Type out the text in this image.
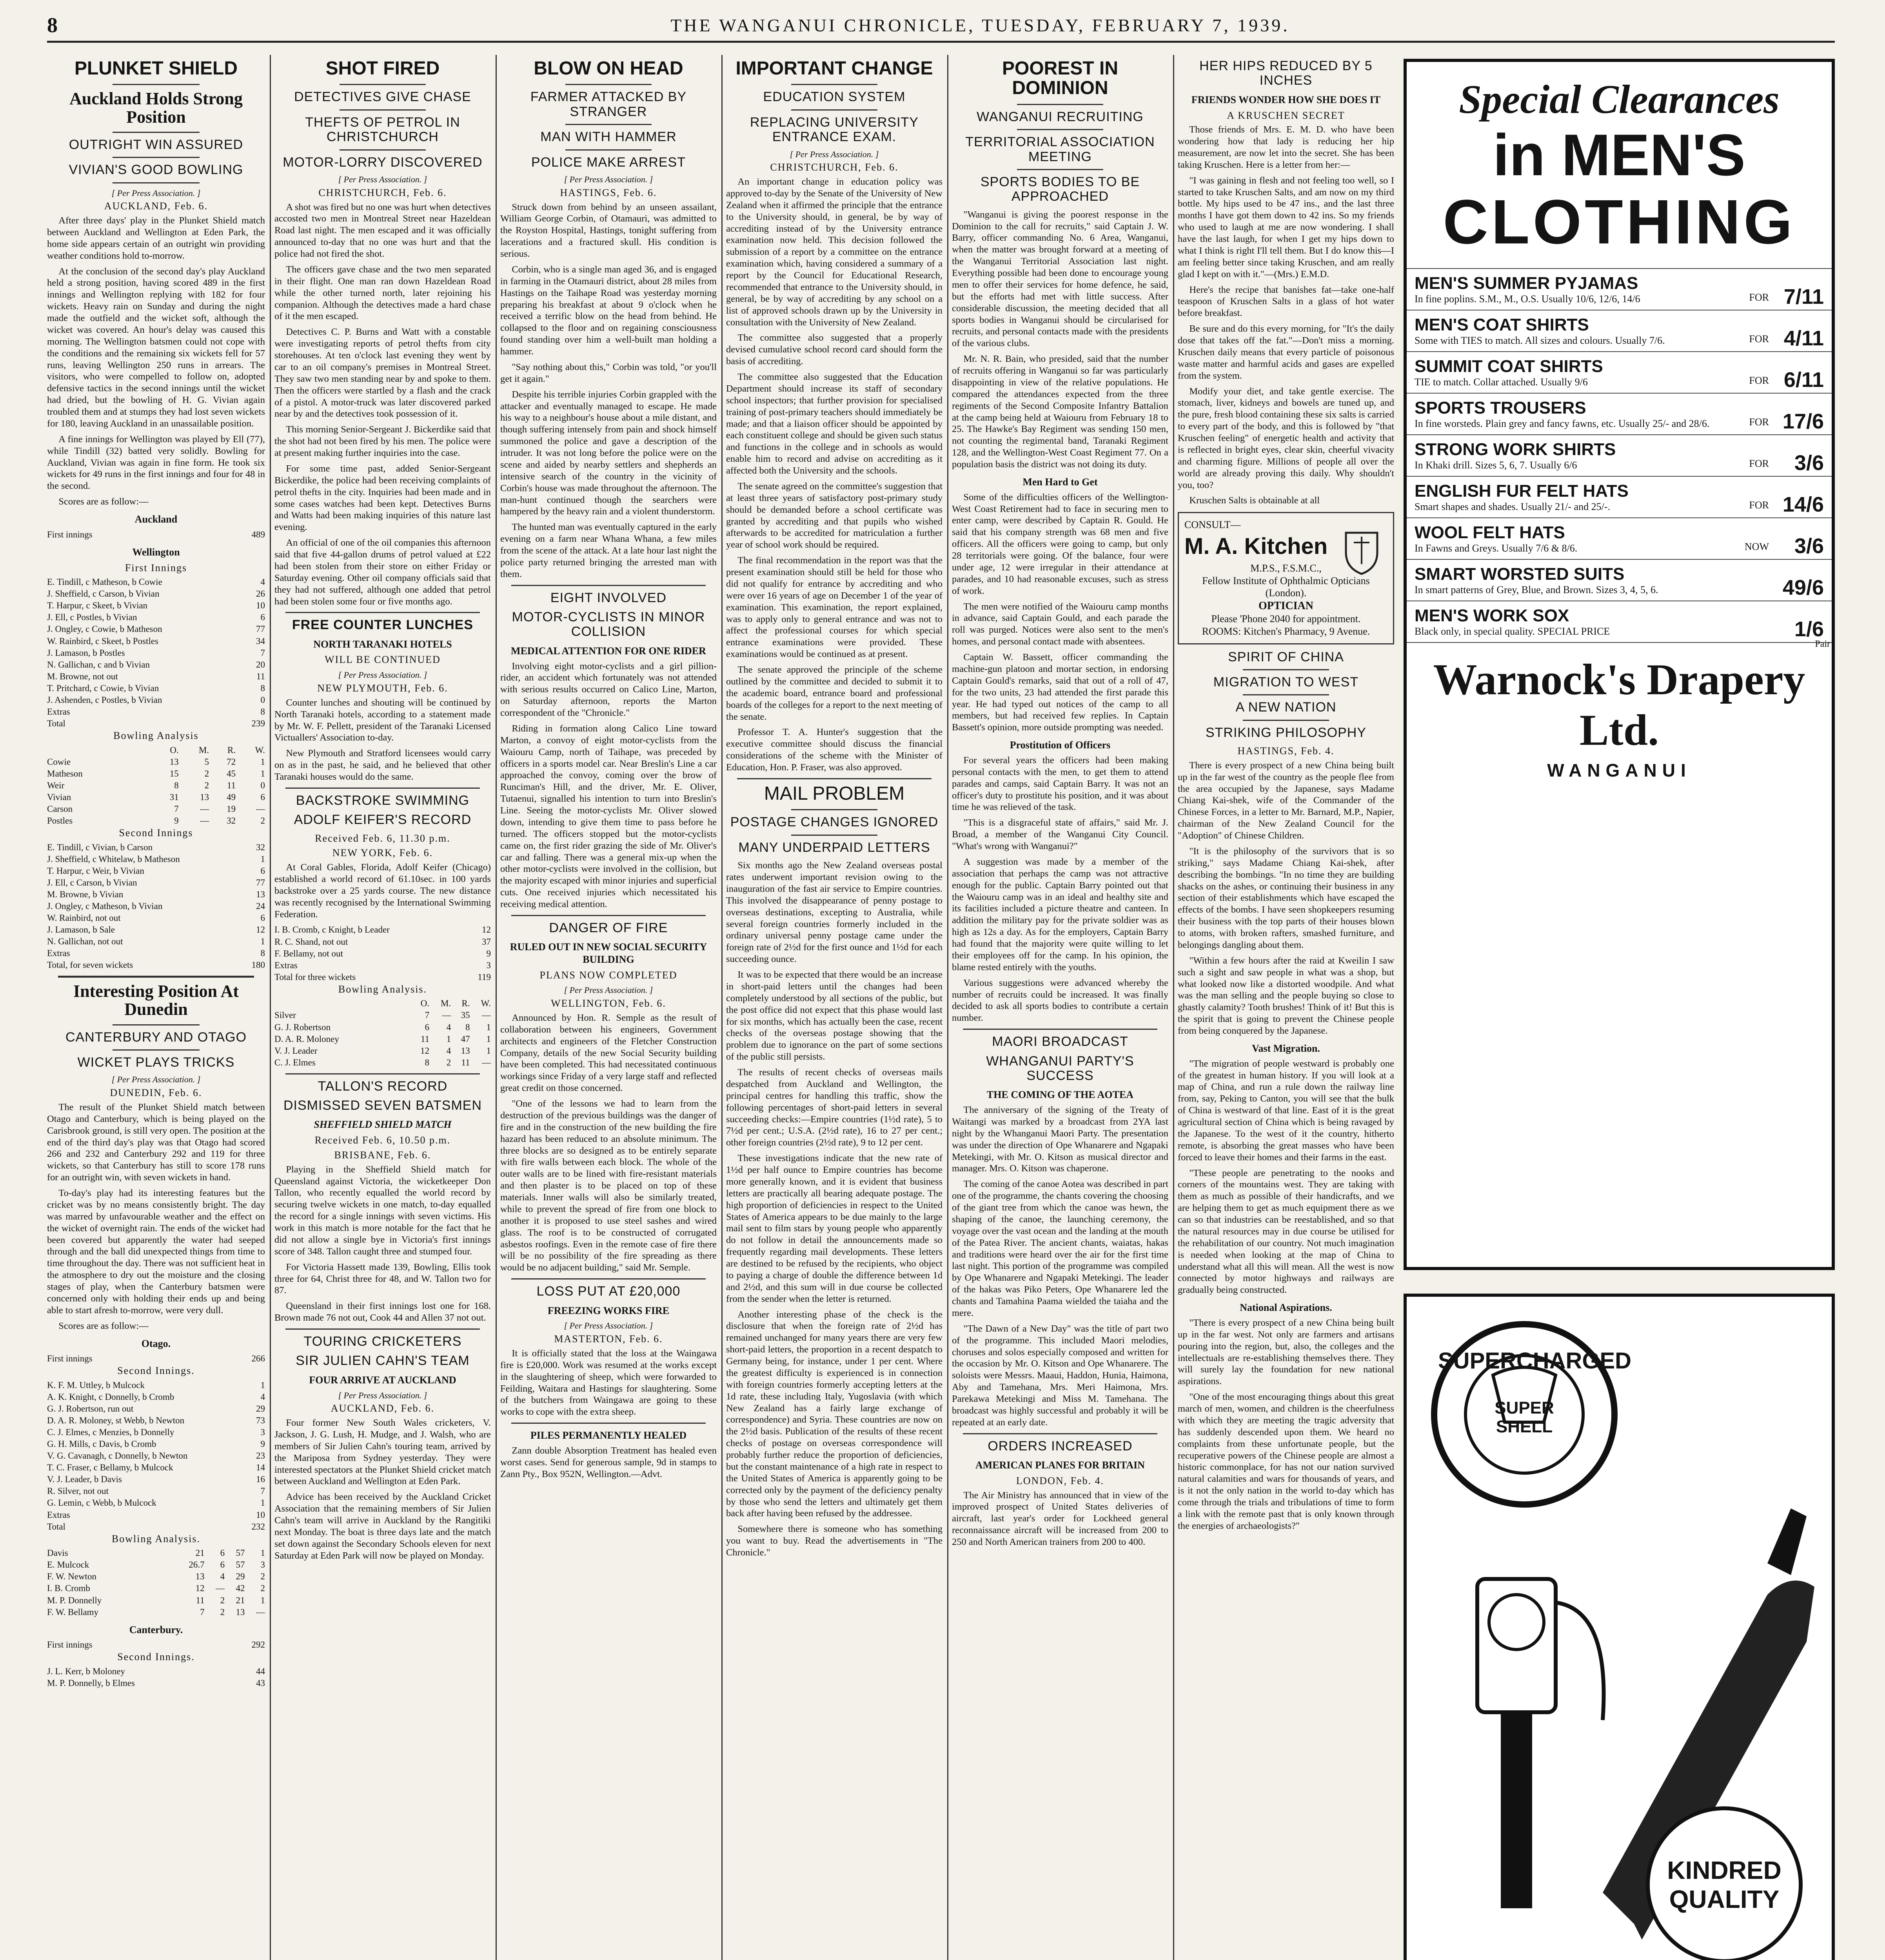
8	THE WANGANUI CHRONICLE, TUESDAY, FEBRUARY 7, 1939.
PLUNKET SHIELD
Auckland Holds Strong Position
OUTRIGHT WIN ASSURED
VIVIAN'S GOOD BOWLING
[ Per Press Association. ]
AUCKLAND, Feb. 6.

After three days' play in the Plunket Shield match between Auckland and Wellington at Eden Park, the home side appears certain of an outright win providing weather conditions hold to-morrow.

At the conclusion of the second day's play Auckland held a strong position, having scored 489 in the first innings and Wellington replying with 182 for four wickets. Heavy rain on Sunday and during the night made the outfield and the wicket soft, although the wicket was covered. An hour's delay was caused this morning. The Wellington batsmen could not cope with the conditions and the remaining six wickets fell for 57 runs, leaving Wellington 250 runs in arrears. The visitors, who were compelled to follow on, adopted defensive tactics in the second innings until the wicket had dried, but the bowling of H. G. Vivian again troubled them and at stumps they had lost seven wickets for 180, leaving Auckland in an unassailable position.

A fine innings for Wellington was played by Ell (77), while Tindill (32) batted very solidly. Bowling for Auckland, Vivian was again in fine form. He took six wickets for 49 runs in the first innings and four for 48 in the second.

Scores are as follow:—

Auckland
First innings	489
Wellington
First Innings
E. Tindill, c Matheson, b Cowie	4
J. Sheffield, c Carson, b Vivian	26
T. Harpur, c Skeet, b Vivian	10
J. Ell, c Postles, b Vivian	6
J. Ongley, c Cowie, b Matheson	77
W. Rainbird, c Skeet, b Postles	34
J. Lamason, b Postles	7
N. Gallichan, c and b Vivian	20
M. Browne, not out	11
T. Pritchard, c Cowie, b Vivian	8
J. Ashenden, c Postles, b Vivian	0
Extras	8
Total	239
Bowling Analysis
	O.	M.	R.	W.
Cowie	13	5	72	1
Matheson	15	2	45	1
Weir	8	2	11	0
Vivian	31	13	49	6
Carson	7	—	19	—
Postles	9	—	32	2
Second Innings
E. Tindill, c Vivian, b Carson	32
J. Sheffield, c Whitelaw, b Matheson	1
T. Harpur, c Weir, b Vivian	6
J. Ell, c Carson, b Vivian	77
M. Browne, b Vivian	13
J. Ongley, c Matheson, b Vivian	24
W. Rainbird, not out	6
J. Lamason, b Sale	12
N. Gallichan, not out	1
Extras	8
Total, for seven wickets	180
Interesting Position At Dunedin
CANTERBURY AND OTAGO
WICKET PLAYS TRICKS
[ Per Press Association. ]
DUNEDIN, Feb. 6.

The result of the Plunket Shield match between Otago and Canterbury, which is being played on the Carisbrook ground, is still very open. The position at the end of the third day's play was that Otago had scored 266 and 232 and Canterbury 292 and 119 for three wickets, so that Canterbury has still to score 178 runs for an outright win, with seven wickets in hand.

To-day's play had its interesting features but the cricket was by no means consistently bright. The day was marred by unfavourable weather and the effect on the wicket of overnight rain. The ends of the wicket had been covered but apparently the water had seeped through and the ball did unexpected things from time to time throughout the day. There was not sufficient heat in the atmosphere to dry out the moisture and the closing stages of play, when the Canterbury batsmen were concerned only with holding their ends up and being able to start afresh to-morrow, were very dull.

Scores are as follow:—

Otago.
First innings	266
Second Innings.
K. F. M. Uttley, b Mulcock	1
A. K. Knight, c Donnelly, b Cromb	4
G. J. Robertson, run out	29
D. A. R. Moloney, st Webb, b Newton	73
C. J. Elmes, c Menzies, b Donnelly	3
G. H. Mills, c Davis, b Cromb	9
V. G. Cavanagh, c Donnelly, b Newton	23
T. C. Fraser, c Bellamy, b Mulcock	14
V. J. Leader, b Davis	16
R. Silver, not out	7
G. Lemin, c Webb, b Mulcock	1
Extras	10
Total	232
Bowling Analysis.
Davis	21	6	57	1
E. Mulcock	26.7	6	57	3
F. W. Newton	13	4	29	2
I. B. Cromb	12	—	42	2
M. P. Donnelly	11	2	21	1
F. W. Bellamy	7	2	13	—
Canterbury.
First innings	292
Second Innings.
J. L. Kerr, b Moloney	44
M. P. Donnelly, b Elmes	43
SHOT FIRED
DETECTIVES GIVE CHASE
THEFTS OF PETROL IN CHRISTCHURCH
MOTOR-LORRY DISCOVERED
[ Per Press Association. ]
CHRISTCHURCH, Feb. 6.

A shot was fired but no one was hurt when detectives accosted two men in Montreal Street near Hazeldean Road last night. The men escaped and it was officially announced to-day that no one was hurt and that the police had not fired the shot.

The officers gave chase and the two men separated in their flight. One man ran down Hazeldean Road while the other turned north, later rejoining his companion. Although the detectives made a hard chase of it the men escaped.

Detectives C. P. Burns and Watt with a constable were investigating reports of petrol thefts from city storehouses. At ten o'clock last evening they went by car to an oil company's premises in Montreal Street. They saw two men standing near by and spoke to them. Then the officers were startled by a flash and the crack of a pistol. A motor-truck was later discovered parked near by and the detectives took possession of it.

This morning Senior-Sergeant J. Bickerdike said that the shot had not been fired by his men. The police were at present making further inquiries into the case.

For some time past, added Senior-Sergeant Bickerdike, the police had been receiving complaints of petrol thefts in the city. Inquiries had been made and in some cases watches had been kept. Detectives Burns and Watts had been making inquiries of this nature last evening.

An official of one of the oil companies this afternoon said that five 44-gallon drums of petrol valued at £22 had been stolen from their store on either Friday or Saturday evening. Other oil company officials said that they had not suffered, although one added that petrol had been stolen some four or five months ago.

FREE COUNTER LUNCHES
NORTH TARANAKI HOTELS
WILL BE CONTINUED
[ Per Press Association. ]
NEW PLYMOUTH, Feb. 6.

Counter lunches and shouting will be continued by North Taranaki hotels, according to a statement made by Mr. W. F. Pellett, president of the Taranaki Licensed Victuallers' Association to-day.

New Plymouth and Stratford licensees would carry on as in the past, he said, and he believed that other Taranaki houses would do the same.

BACKSTROKE SWIMMING
ADOLF KEIFER'S RECORD
Received Feb. 6, 11.30 p.m.
NEW YORK, Feb. 6.

At Coral Gables, Florida, Adolf Keifer (Chicago) established a world record of 61.10sec. in 100 yards backstroke over a 25 yards course. The new distance was recently recognised by the International Swimming Federation.

I. B. Cromb, c Knight, b Leader	12
R. C. Shand, not out	37
F. Bellamy, not out	9
Extras	3
Total for three wickets	119
Bowling Analysis.
	O.	M.	R.	W.
Silver	7	—	35	—
G. J. Robertson	6	4	8	1
D. A. R. Moloney	11	1	47	1
V. J. Leader	12	4	13	1
C. J. Elmes	8	2	11	—
TALLON'S RECORD
DISMISSED SEVEN BATSMEN
SHEFFIELD SHIELD MATCH
Received Feb. 6, 10.50 p.m.
BRISBANE, Feb. 6.

Playing in the Sheffield Shield match for Queensland against Victoria, the wicketkeeper Don Tallon, who recently equalled the world record by securing twelve wickets in one match, to-day equalled the record for a single innings with seven victims. His work in this match is more notable for the fact that he did not allow a single bye in Victoria's first innings score of 348. Tallon caught three and stumped four.

For Victoria Hassett made 139, Bowling, Ellis took three for 64, Christ three for 48, and W. Tallon two for 87.

Queensland in their first innings lost one for 168. Brown made 76 not out, Cook 44 and Allen 37 not out.

TOURING CRICKETERS
SIR JULIEN CAHN'S TEAM
FOUR ARRIVE AT AUCKLAND
[ Per Press Association. ]
AUCKLAND, Feb. 6.

Four former New South Wales cricketers, V. Jackson, J. G. Lush, H. Mudge, and J. Walsh, who are members of Sir Julien Cahn's touring team, arrived by the Mariposa from Sydney yesterday. They were interested spectators at the Plunket Shield cricket match between Auckland and Wellington at Eden Park.

Advice has been received by the Auckland Cricket Association that the remaining members of Sir Julien Cahn's team will arrive in Auckland by the Rangitiki next Monday. The boat is three days late and the match set down against the Secondary Schools eleven for next Saturday at Eden Park will now be played on Monday.

BLOW ON HEAD
FARMER ATTACKED BY STRANGER
MAN WITH HAMMER
POLICE MAKE ARREST
[ Per Press Association. ]
HASTINGS, Feb. 6.

Struck down from behind by an unseen assailant, William George Corbin, of Otamauri, was admitted to the Royston Hospital, Hastings, tonight suffering from lacerations and a fractured skull. His condition is serious.

Corbin, who is a single man aged 36, and is engaged in farming in the Otamauri district, about 28 miles from Hastings on the Taihape Road was yesterday morning preparing his breakfast at about 9 o'clock when he received a terrific blow on the head from behind. He collapsed to the floor and on regaining consciousness found standing over him a well-built man holding a hammer.

"Say nothing about this," Corbin was told, "or you'll get it again."

Despite his terrible injuries Corbin grappled with the attacker and eventually managed to escape. He made his way to a neighbour's house about a mile distant, and though suffering intensely from pain and shock himself summoned the police and gave a description of the intruder. It was not long before the police were on the scene and aided by nearby settlers and shepherds an intensive search of the country in the vicinity of Corbin's house was made throughout the afternoon. The man-hunt continued though the searchers were hampered by the heavy rain and a violent thunderstorm.

The hunted man was eventually captured in the early evening on a farm near Whana Whana, a few miles from the scene of the attack. At a late hour last night the police party returned bringing the arrested man with them.

EIGHT INVOLVED
MOTOR-CYCLISTS IN MINOR COLLISION
MEDICAL ATTENTION FOR ONE RIDER

Involving eight motor-cyclists and a girl pillion-rider, an accident which fortunately was not attended with serious results occurred on Calico Line, Marton, on Saturday afternoon, reports the Marton correspondent of the "Chronicle."

Riding in formation along Calico Line toward Marton, a convoy of eight motor-cyclists from the Waiouru Camp, north of Taihape, was preceded by officers in a sports model car. Near Breslin's Line a car approached the convoy, coming over the brow of Runciman's Hill, and the driver, Mr. E. Oliver, Tutaenui, signalled his intention to turn into Breslin's Line. Seeing the motor-cyclists Mr. Oliver slowed down, intending to give them time to pass before he turned. The officers stopped but the motor-cyclists came on, the first rider grazing the side of Mr. Oliver's car and falling. There was a general mix-up when the other motor-cyclists were involved in the collision, but the majority escaped with minor injuries and superficial cuts. One received injuries which necessitated his receiving medical attention.

DANGER OF FIRE
RULED OUT IN NEW SOCIAL SECURITY BUILDING
PLANS NOW COMPLETED
[ Per Press Association. ]
WELLINGTON, Feb. 6.

Announced by Hon. R. Semple as the result of collaboration between his engineers, Government architects and engineers of the Fletcher Construction Company, details of the new Social Security building have been completed. This had necessitated continuous workings since Friday of a very large staff and reflected great credit on those concerned.

"One of the lessons we had to learn from the destruction of the previous buildings was the danger of fire and in the construction of the new building the fire hazard has been reduced to an absolute minimum. The three blocks are so designed as to be entirely separate with fire walls between each block. The whole of the outer walls are to be lined with fire-resistant materials and then plaster is to be placed on top of these materials. Inner walls will also be similarly treated, while to prevent the spread of fire from one block to another it is proposed to use steel sashes and wired glass. The roof is to be constructed of corrugated asbestos roofings. Even in the remote case of fire there will be no possibility of the fire spreading as there would be no adjacent building," said Mr. Semple.

LOSS PUT AT £20,000
FREEZING WORKS FIRE
[ Per Press Association. ]
MASTERTON, Feb. 6.

It is officially stated that the loss at the Waingawa fire is £20,000. Work was resumed at the works except in the slaughtering of sheep, which were forwarded to Feilding, Waitara and Hastings for slaughtering. Some of the butchers from Waingawa are going to these works to cope with the extra sheep.

PILES PERMANENTLY HEALED

Zann double Absorption Treatment has healed even worst cases. Send for generous sample, 9d in stamps to Zann Pty., Box 952N, Wellington.—Advt.

IMPORTANT CHANGE
EDUCATION SYSTEM
REPLACING UNIVERSITY ENTRANCE EXAM.
[ Per Press Association. ]
CHRISTCHURCH, Feb. 6.

An important change in education policy was approved to-day by the Senate of the University of New Zealand when it affirmed the principle that the entrance to the University should, in general, be by way of accrediting instead of by the University entrance examination now held. This decision followed the submission of a report by a committee on the entrance examination which, having considered a summary of a report by the Council for Educational Research, recommended that entrance to the University should, in general, be by way of accrediting by any school on a list of approved schools drawn up by the University in consultation with the University of New Zealand.

The committee also suggested that a properly devised cumulative school record card should form the basis of accrediting.

The committee also suggested that the Education Department should increase its staff of secondary school inspectors; that further provision for specialised training of post-primary teachers should immediately be made; and that a liaison officer should be appointed by each constituent college and should be given such status and functions in the college and in schools as would enable him to record and advise on accrediting as it affected both the University and the schools.

The senate agreed on the committee's suggestion that at least three years of satisfactory post-primary study should be demanded before a school certificate was granted by accrediting and that pupils who wished afterwards to be accredited for matriculation a further year of school work should be required.

The final recommendation in the report was that the present examination should still be held for those who did not qualify for entrance by accrediting and who were over 16 years of age on December 1 of the year of examination. This examination, the report explained, was to apply only to general entrance and was not to affect the professional courses for which special entrance examinations were provided. These examinations would be continued as at present.

The senate approved the principle of the scheme outlined by the committee and decided to submit it to the academic board, entrance board and professional boards of the colleges for a report to the next meeting of the senate.

Professor T. A. Hunter's suggestion that the executive committee should discuss the financial considerations of the scheme with the Minister of Education, Hon. P. Fraser, was also approved.

MAIL PROBLEM
POSTAGE CHANGES IGNORED
MANY UNDERPAID LETTERS

Six months ago the New Zealand overseas postal rates underwent important revision owing to the inauguration of the fast air service to Empire countries. This involved the disappearance of penny postage to overseas destinations, excepting to Australia, while several foreign countries formerly included in the ordinary universal penny postage came under the foreign rate of 2½d for the first ounce and 1½d for each succeeding ounce.

It was to be expected that there would be an increase in short-paid letters until the changes had been completely understood by all sections of the public, but the post office did not expect that this phase would last for six months, which has actually been the case, recent checks of the overseas postage showing that the problem due to ignorance on the part of some sections of the public still persists.

The results of recent checks of overseas mails despatched from Auckland and Wellington, the principal centres for handling this traffic, show the following percentages of short-paid letters in several succeeding checks:—Empire countries (1½d rate), 5 to 7½d per cent.; U.S.A. (2½d rate), 16 to 27 per cent.; other foreign countries (2½d rate), 9 to 12 per cent.

These investigations indicate that the new rate of 1½d per half ounce to Empire countries has become more generally known, and it is evident that business letters are practically all bearing adequate postage. The high proportion of deficiencies in respect to the United States of America appears to be due mainly to the large mail sent to film stars by young people who apparently do not follow in detail the announcements made so frequently regarding mail developments. These letters are destined to be refused by the recipients, who object to paying a charge of double the difference between 1d and 2½d, and this sum will in due course be collected from the sender when the letter is returned.

Another interesting phase of the check is the disclosure that when the foreign rate of 2½d has remained unchanged for many years there are very few short-paid letters, the proportion in a recent despatch to Germany being, for instance, under 1 per cent. Where the greatest difficulty is experienced is in connection with foreign countries formerly accepting letters at the 1d rate, these including Italy, Yugoslavia (with which New Zealand has a fairly large exchange of correspondence) and Syria. These countries are now on the 2½d basis. Publication of the results of these recent checks of postage on overseas correspondence will probably further reduce the proportion of deficiencies, but the constant maintenance of a high rate in respect to the United States of America is apparently going to be corrected only by the payment of the deficiency penalty by those who send the letters and ultimately get them back after having been refused by the addressee.

Somewhere there is someone who has something you want to buy. Read the advertisements in "The Chronicle."

POOREST IN DOMINION
WANGANUI RECRUITING
TERRITORIAL ASSOCIATION MEETING
SPORTS BODIES TO BE APPROACHED

"Wanganui is giving the poorest response in the Dominion to the call for recruits," said Captain J. W. Barry, officer commanding No. 6 Area, Wanganui, when the matter was brought forward at a meeting of the Wanganui Territorial Association last night. Everything possible had been done to encourage young men to offer their services for home defence, he said, but the efforts had met with little success. After considerable discussion, the meeting decided that all sports bodies in Wanganui should be circularised for recruits, and personal contacts made with the presidents of the various clubs.

Mr. N. R. Bain, who presided, said that the number of recruits offering in Wanganui so far was particularly disappointing in view of the relative populations. He compared the attendances expected from the three regiments of the Second Composite Infantry Battalion at the camp being held at Waiouru from February 18 to 25. The Hawke's Bay Regiment was sending 150 men, not counting the regimental band, Taranaki Regiment 128, and the Wellington-West Coast Regiment 77. On a population basis the district was not doing its duty.

Men Hard to Get

Some of the difficulties officers of the Wellington-West Coast Retirement had to face in securing men to enter camp, were described by Captain R. Gould. He said that his company strength was 68 men and five officers. All the officers were going to camp, but only 28 territorials were going. Of the balance, four were under age, 12 were irregular in their attendance at parades, and 10 had reasonable excuses, such as stress of work.

The men were notified of the Waiouru camp months in advance, said Captain Gould, and each parade the roll was purged. Notices were also sent to the men's homes, and personal contact made with absentees.

Captain W. Bassett, officer commanding the machine-gun platoon and mortar section, in endorsing Captain Gould's remarks, said that out of a roll of 47, for the two units, 23 had attended the first parade this year. He had typed out notices of the camp to all members, but had received few replies. In Captain Bassett's opinion, more outside prompting was needed.

Prostitution of Officers

For several years the officers had been making personal contacts with the men, to get them to attend parades and camps, said Captain Barry. It was not an officer's duty to prostitute his position, and it was about time he was relieved of the task.

"This is a disgraceful state of affairs," said Mr. J. Broad, a member of the Wanganui City Council. "What's wrong with Wanganui?"

A suggestion was made by a member of the association that perhaps the camp was not attractive enough for the public. Captain Barry pointed out that the Waiouru camp was in an ideal and healthy site and its facilities included a picture theatre and canteen. In addition the military pay for the private soldier was as high as 12s a day. As for the employers, Captain Barry had found that the majority were quite willing to let their employees off for the camp. In his opinion, the blame rested entirely with the youths.

Various suggestions were advanced whereby the number of recruits could be increased. It was finally decided to ask all sports bodies to contribute a certain number.

MAORI BROADCAST
WHANGANUI PARTY'S SUCCESS
THE COMING OF THE AOTEA

The anniversary of the signing of the Treaty of Waitangi was marked by a broadcast from 2YA last night by the Whanganui Maori Party. The presentation was under the direction of Ope Whanarere and Ngapaki Metekingi, with Mr. O. Kitson as musical director and manager. Mrs. O. Kitson was chaperone.

The coming of the canoe Aotea was described in part one of the programme, the chants covering the choosing of the giant tree from which the canoe was hewn, the shaping of the canoe, the launching ceremony, the voyage over the vast ocean and the landing at the mouth of the Patea River. The ancient chants, waiatas, hakas and traditions were heard over the air for the first time last night. This portion of the programme was compiled by Ope Whanarere and Ngapaki Metekingi. The leader of the hakas was Piko Peters, Ope Whanarere led the chants and Tamahina Paama wielded the taiaha and the mere.

"The Dawn of a New Day" was the title of part two of the programme. This included Maori melodies, choruses and solos especially composed and written for the occasion by Mr. O. Kitson and Ope Whanarere. The soloists were Messrs. Maaui, Haddon, Hunia, Haimona, Aby and Tamehana, Mrs. Meri Haimona, Mrs. Parekawa Metekingi and Miss M. Tamehana. The broadcast was highly successful and probably it will be repeated at an early date.

ORDERS INCREASED
AMERICAN PLANES FOR BRITAIN
LONDON, Feb. 4.

The Air Ministry has announced that in view of the improved prospect of United States deliveries of aircraft, last year's order for Lockheed general reconnaissance aircraft will be increased from 200 to 250 and North American trainers from 200 to 400.

HER HIPS REDUCED BY 5 INCHES
FRIENDS WONDER HOW SHE DOES IT
A KRUSCHEN SECRET

Those friends of Mrs. E. M. D. who have been wondering how that lady is reducing her hip measurement, are now let into the secret. She has been taking Kruschen. Here is a letter from her:—

"I was gaining in flesh and not feeling too well, so I started to take Kruschen Salts, and am now on my third bottle. My hips used to be 47 ins., and the last three months I have got them down to 42 ins. So my friends who used to laugh at me are now wondering. I shall have the last laugh, for when I get my hips down to what I think is right I'll tell them. But I do know this—I am feeling better since taking Kruschen, and am really glad I kept on with it."—(Mrs.) E.M.D.

Here's the recipe that banishes fat—take one-half teaspoon of Kruschen Salts in a glass of hot water before breakfast.

Be sure and do this every morning, for "It's the daily dose that takes off the fat."—Don't miss a morning. Kruschen daily means that every particle of poisonous waste matter and harmful acids and gases are expelled from the system.

Modify your diet, and take gentle exercise. The stomach, liver, kidneys and bowels are tuned up, and the pure, fresh blood containing these six salts is carried to every part of the body, and this is followed by "that Kruschen feeling" of energetic health and activity that is reflected in bright eyes, clear skin, cheerful vivacity and charming figure. Millions of people all over the world are already proving this daily. Why shouldn't you, too?

Kruschen Salts is obtainable at all

CONSULT—
M. A. Kitchen
M.P.S., F.S.M.C.,
Fellow Institute of Ophthalmic Opticians (London).
OPTICIAN
Please 'Phone 2040 for appointment.
ROOMS: Kitchen's Pharmacy, 9 Avenue.
SPIRIT OF CHINA
MIGRATION TO WEST
A NEW NATION
STRIKING PHILOSOPHY
HASTINGS, Feb. 4.

There is every prospect of a new China being built up in the far west of the country as the people flee from the area occupied by the Japanese, says Madame Chiang Kai-shek, wife of the Commander of the Chinese Forces, in a letter to Mr. Barnard, M.P., Napier, chairman of the New Zealand Council for the "Adoption" of Chinese Children.

"It is the philosophy of the survivors that is so striking," says Madame Chiang Kai-shek, after describing the bombings. "In no time they are building shacks on the ashes, or continuing their business in any section of their establishments which have escaped the effects of the bombs. I have seen shopkeepers resuming their business with the top parts of their houses blown to atoms, with broken rafters, smashed furniture, and belongings dangling about them.

"Within a few hours after the raid at Kweilin I saw such a sight and saw people in what was a shop, but what looked now like a distorted woodpile. And what was the man selling and the people buying so close to ghastly calamity? Tooth brushes! Think of it! But this is the spirit that is going to prevent the Chinese people from being conquered by the Japanese.

Vast Migration.

"The migration of people westward is probably one of the greatest in human history. If you will look at a map of China, and run a rule down the railway line from, say, Peking to Canton, you will see that the bulk of China is westward of that line. East of it is the great agricultural section of China which is being ravaged by the Japanese. To the west of it the country, hitherto remote, is absorbing the great masses who have been forced to leave their homes and their farms in the east.

"These people are penetrating to the nooks and corners of the mountains west. They are taking with them as much as possible of their handicrafts, and we are helping them to get as much equipment there as we can so that industries can be reestablished, and so that the natural resources may in due course be utilised for the rehabilitation of our country. Not much imagination is needed when looking at the map of China to understand what all this will mean. All the west is now connected by motor highways and railways are gradually being constructed.

National Aspirations.

"There is every prospect of a new China being built up in the far west. Not only are farmers and artisans pouring into the region, but, also, the colleges and the intellectuals are re-establishing themselves there. They will surely lay the foundation for new national aspirations.

"One of the most encouraging things about this great march of men, women, and children is the cheerfulness with which they are meeting the tragic adversity that has suddenly descended upon them. We heard no complaints from these unfortunate people, but the recuperative powers of the Chinese people are almost a historic commonplace, for has not our nation survived natural calamities and wars for thousands of years, and is it not the only nation in the world to-day which has come through the trials and tribulations of time to form a link with the remote past that is only known through the energies of archaeologists?"

Special Clearances
in MEN'S
CLOTHING
MEN'S SUMMER PYJAMAS
In fine poplins. S.M., M., O.S. Usually 10/6, 12/6, 14/6	FOR 7/11
MEN'S COAT SHIRTS
Some with TIES to match. All sizes and colours. Usually 7/6.	FOR 4/11
SUMMIT COAT SHIRTS
TIE to match. Collar attached. Usually 9/6	FOR 6/11
SPORTS TROUSERS
In fine worsteds. Plain grey and fancy fawns, etc. Usually 25/- and 28/6.	FOR 17/6
STRONG WORK SHIRTS
In Khaki drill. Sizes 5, 6, 7. Usually 6/6	FOR 3/6
ENGLISH FUR FELT HATS
Smart shapes and shades. Usually 21/- and 25/-.	FOR 14/6
WOOL FELT HATS
In Fawns and Greys. Usually 7/6 & 8/6.	NOW 3/6
SMART WORSTED SUITS
In smart patterns of Grey, Blue, and Brown. Sizes 3, 4, 5, 6.	49/6
MEN'S WORK SOX
Black only, in special quality. SPECIAL PRICE	1/6
Pair
Warnock's Drapery Ltd.
WANGANUI
SUPERCHARGED
SUPER SHELL
KINDRED
QUALITY
